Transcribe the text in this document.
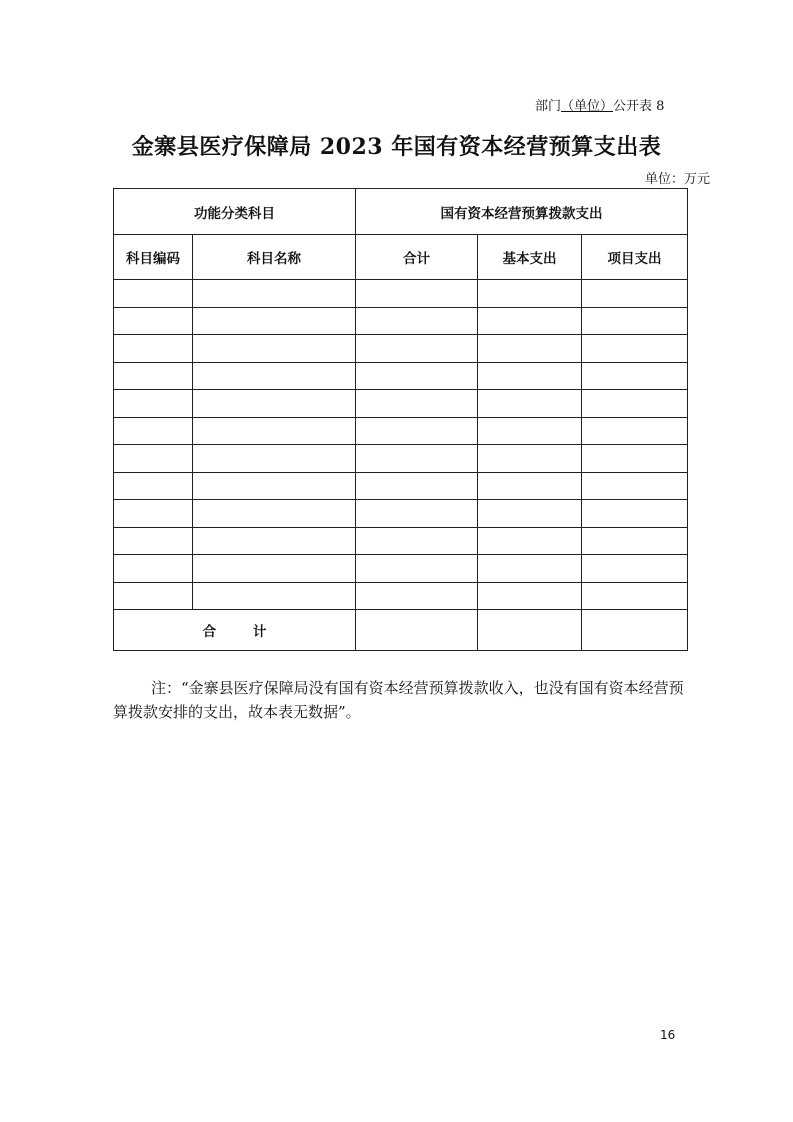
部门（单位）公开表 8
金寨县医疗保障局 2023 年国有资本经营预算支出表
单位：万元
功能分类科目		国有资本经营预算拨款支出		
科目编码	科目名称	合计	基本支出	项目支出

合 计				
注：“金寨县医疗保障局没有国有资本经营预算拨款收入，也没有国有资本经营预算拨款安排的支出，故本表无数据”。
16
